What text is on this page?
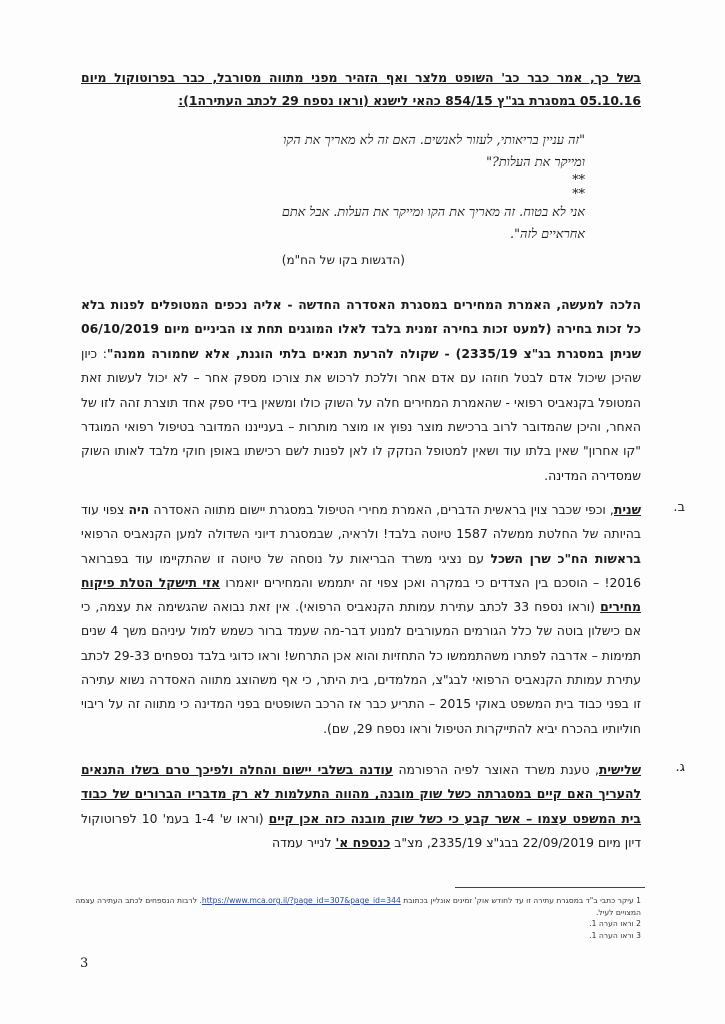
בשל כך, אמר כבר כב' השופט מלצר ואף הזהיר מפני מתווה מסורבל, כבר בפרוטוקול מיום 05.10.16 במסגרת בג"ץ 854/15 כהאי לישנא (וראו נספח 29 לכתב העתירה1):
"זה עניין בריאותי, לעזור לאנשים. האם זה לא מאריך את הקו
ומייקר את העלות?"
**
**
אני לא בטוח. זה מאריך את הקו ומייקר את העלות. אבל אתם
אחראיים לזה".
(הדגשות בקו של הח"מ)
הלכה למעשה, האמרת המחירים במסגרת האסדרה החדשה - אליה נכפים המטופלים לפנות בלא כל זכות בחירה (למעט זכות בחירה זמנית בלבד לאלו המוגנים תחת צו הביניים מיום 06/10/2019 שניתן במסגרת בג"צ 2335/19) - שקולה להרעת תנאים בלתי הוגנת, אלא שחמורה ממנה": כיון שהיכן שיכול אדם לבטל חוזהו עם אדם אחר וללכת לרכוש את צורכו מספק אחר – לא יכול לעשות זאת המטופל בקנאביס רפואי - שהאמרת המחירים חלה על השוק כולו ומשאין בידי ספק אחד תוצרת זהה לזו של האחר, והיכן שהמדובר לרוב ברכישת מוצר נפוץ או מוצר מותרות – בענייננו המדובר בטיפול רפואי המוגדר "קו אחרון" שאין בלתו עוד ושאין למטופל הנזקק לו לאן לפנות לשם רכישתו באופן חוקי מלבד לאותו השוק שמסדירה המדינה.
ב.
שנית, וכפי שכבר צוין בראשית הדברים, האמרת מחירי הטיפול במסגרת יישום מתווה האסדרה היה צפוי עוד בהיותה של החלטת ממשלה 1587 טיוטה בלבד! ולראיה, שבמסגרת דיוני השדולה למען הקנאביס הרפואי בראשות הח"כ שרן השכל עם נציגי משרד הבריאות על נוסחה של טיוטה זו שהתקיימו עוד בפברואר 2016! – הוסכם בין הצדדים כי במקרה ואכן צפוי זה יתממש והמחירים יואמרו אזי תישקל הטלת פיקוח מחירים (וראו נספח 33 לכתב עתירת עמותת הקנאביס הרפואי). אין זאת נבואה שהגשימה את עצמה, כי אם כישלון בוטה של כלל הגורמים המעורבים למנוע דבר-מה שעמד ברור כשמש למול עיניהם משך 4 שנים תמימות – אדרבה לפתרו משהתממשו כל התחזיות והוא אכן התרחש! וראו כדוגי בלבד נספחים 29-33 לכתב עתירת עמותת הקנאביס הרפואי לבג"צ, המלמדים, בית היתר, כי אף משהוצג מתווה האסדרה נשוא עתירה זו בפני כבוד בית המשפט באוקי 2015 – התריע כבר אז הרכב השופטים בפני המדינה כי מתווה זה על ריבוי חוליותיו בהכרח יביא להתייקרות הטיפול וראו נספח 29, שם).
ג.
שלישית, טענת משרד האוצר לפיה הרפורמה עודנה בשלבי יישום והחלה ולפיכך טרם בשלו התנאים להעריך האם קיים במסגרתה כשל שוק מובנה, מהווה התעלמות לא רק מדבריו הברורים של כבוד בית המשפט עצמו – אשר קבע כי כשל שוק מובנה כזה אכן קיים (וראו ש' 1-4 בעמ' 10 לפרוטוקול דיון מיום 22/09/2019 בבג"צ 2335/19, מצ"ב כנספח א' לנייר עמדה
1 עיקר כתבי ב"ד במסגרת עתירה זו עד לחודש אוק' זמינים אונליין בכתובת https://www.mca.org.il/?page_id=307&page_id=344. לרבות הנספחים לכתב העתירה עצמה המצויים לעיל.
2 וראו הערה 1.
3 וראו הערה 1.
3
